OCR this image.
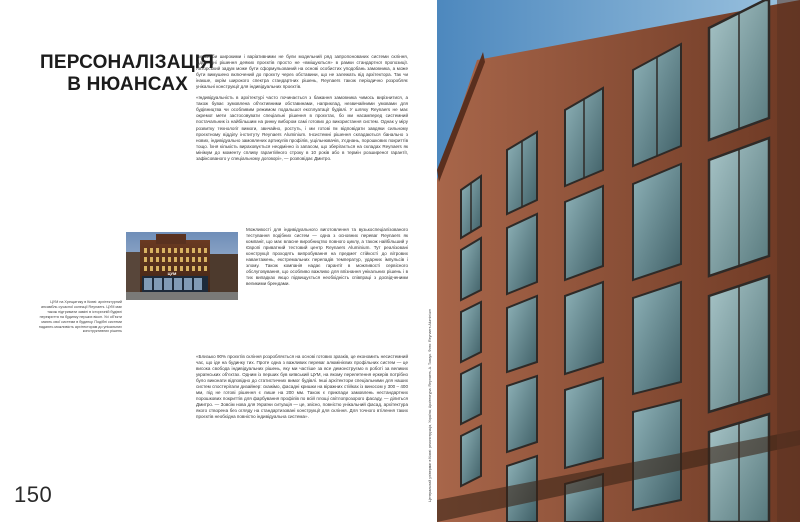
ПЕРСОНАЛІЗАЦІЯ В НЮАНСАХ

Якими би широкими і варіативними не були модельний ряд запропонованих системи скління, відповідні рішення деяких проєктів просто не «вміщуються» в рамки стандартної пропозиції. Авторський задум може бути сформульований на основі особистих уподобань замовника, а може бути вимушено включений до проєкту через обставини, що не залежать від архітектора. Так чи інакше, окрім широкого спектра стандартних рішень, Reynaers також періодично розробляє унікальні конструкції для індивідуальних проєктів.

«Індивідуальність в архітектурі часто починається з бажання замовника чимось вирізнитися, а також буває зумовлена об'єктивними обставинами, наприклад, незвичайними умовами для будівництва чи особливим режимом подальшої експлуатації будівлі. У шляху Reynaers не має окремої мети застосовувати спеціальні рішення в проєктах, бо ми насамперед системний постачальник із найбільшим на ринку вибором самі готових до використання систем. Однак у міру розвитку технології вимоги, звичайно, ростуть, і ми готові їм відповідати завдяки сильному проєктному відділу інституту Reynaers Aluminium. Інсистемні рішення складаються банально з нових, індивідуально замовлених артикулів профілів, ущільнювачів, з'єднань, порошкових покриттів тощо. Їхня кількість вираховується неодмінно із запасом, що зберігається на складах Reynaers як мінімум до моменту спливу гарантійного строку в 10 років або в термін розширеної гарантії, зафіксованого у спеціальному договорі», — розповідає Дмитро.

ЦУМ
ЦУМ на Хрещатику в Києві: архітектурний ансамбль сучасної колекції Reynaers. ЦУМ має також підтримати заміні в історичній будівлі перекриття на будинку перших вікон. Усі об'єкти мають свої системи в будинку. Подібні системи надають можливість архітекторам до унікальних конструктивних рішень

Можливості для індивідуального виготовлення та вузькоспеціалізованого тестування подібних систем — одна з основних переваг Reynaers як компанії, що має власне виробництво повного циклу, а також найбільший у Європі приватний тестовий центр Reynaers Aluminium. Тут реалізовані конструкції проходять випробування на предмет стійкості до вітрових навантажень, екстремальних перепадів температур, ударних імпульсів і злому. Також компанія надає гарантії в можливості сервісного обслуговування, що особливо важливо для впізнання унікальних рішень і в тих випадках якщо підвищується необхідність співпраці з досвідченими великими брендами.

«Близько 90% проєктів скління розробляється на основі готових зразків, це економить несистемний час, що іде на будинку тих. Проте одна з важливих переваг алюмінієвих профільних систем — це висока свобода індивідуальних рішень, яку ми частіше за все демонструємо в роботі за великих українських об'єктах. Одним із перших був київський ЦУМ, на якому перелетення еркерів потрібно було виконати відповідно до статистичних вимог будівлі. Інші архітектори спеціальними для наших систем спостерігали дизайнер: скажімо, фасадні кришки на віражних стійках із виносом у 300 – 400 мм, під не готові рішення є лише на 200 мм. Також є приклади замовлень нестандартних порошкових покриттів для фарбування профілів по всій площі світлопрозорого фасаду, — ділиться Дмитро. — Зовсім нова для України ситуація — це, звісно, повністю унікальний фасад, архітектура якого створена без огляду на стандартизовані конструкції для скління. Для точного втілення таких проєктів необхідна повністю індивідуальна система».

150	Центральний універмаг в Києві: реконструкція, Україна; Архітектура: Reynaers, A. Ткачук. Фото: Reynaers Aluminium
